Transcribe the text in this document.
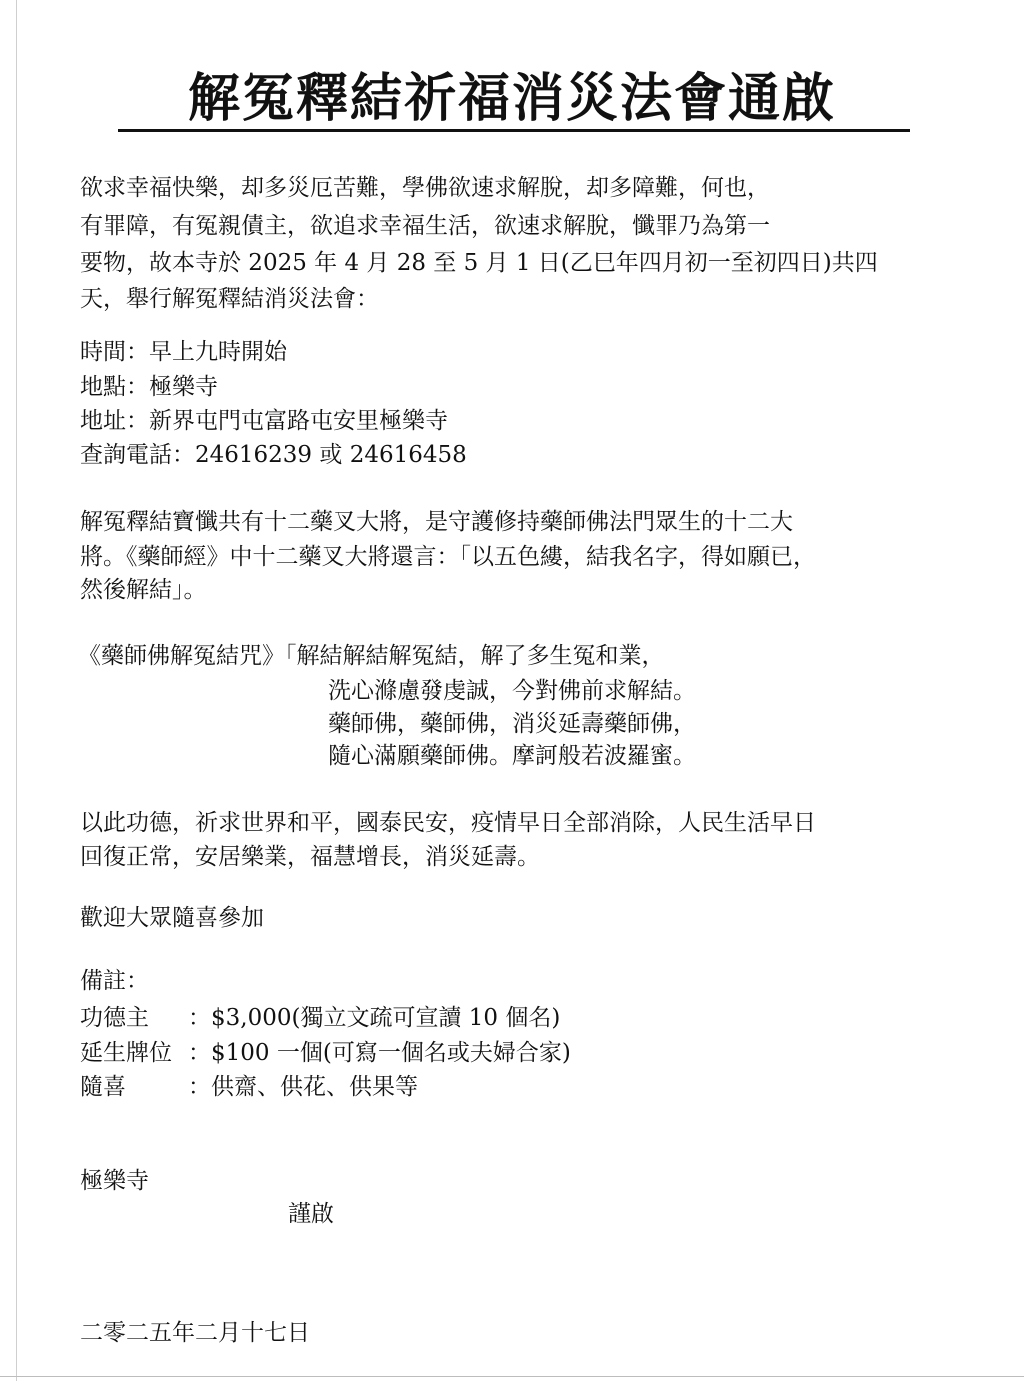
解冤釋結祈福消災法會通啟
欲求幸福快樂，却多災厄苦難，學佛欲速求解脫，却多障難，何也，
有罪障，有冤親債主，欲追求幸福生活，欲速求解脫，懺罪乃為第一
要物，故本寺於 2025 年 4 月 28 至 5 月 1 日(乙巳年四月初一至初四日)共四
天，舉行解冤釋結消災法會：
時間：早上九時開始
地點：極樂寺
地址：新界屯門屯富路屯安里極樂寺
查詢電話：24616239 或 24616458
解冤釋結寶懺共有十二藥叉大將，是守護修持藥師佛法門眾生的十二大
將。《藥師經》中十二藥叉大將還言：「以五色縷，結我名字，得如願已，
然後解結」。
《藥師佛解冤結咒》「解結解結解冤結，解了多生冤和業，
洗心滌慮發虔誠，今對佛前求解結。
藥師佛，藥師佛，消災延壽藥師佛，
隨心滿願藥師佛。摩訶般若波羅蜜。
以此功德，祈求世界和平，國泰民安，疫情早日全部消除，人民生活早日
回復正常，安居樂業，福慧增長，消災延壽。
歡迎大眾隨喜參加
備註：
功德主 ：$3,000(獨立文疏可宣讀 10 個名)
延生牌位 ：$100 一個(可寫一個名或夫婦合家)
隨喜	：供齋、供花、供果等
極樂寺
謹啟
二零二五年二月十七日
